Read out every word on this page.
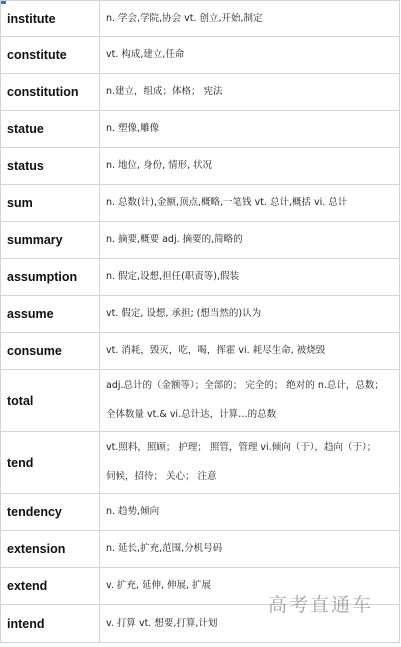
institute	n. 学会,学院,协会 vt. 创立,开始,制定

constitute	vt. 构成,建立,任命

constitution	n.建立，组成；体格； 宪法

statue	n. 塑像,雕像

status	n. 地位, 身份, 情形, 状况

sum	n. 总数(计),金额,顶点,概略,一笔钱 vt. 总计,概括 vi. 总计

summary	n. 摘要,概要 adj. 摘要的,简略的

assumption	n. 假定,设想,担任(职责等),假装

assume	vt. 假定, 设想, 承担; (想当然的)认为

consume	vt. 消耗，毁灭，吃，喝，挥霍 vi. 耗尽生命, 被烧毁

total	adj.总计的（金额等）；全部的； 完全的； 绝对的 n.总计，总数；
全体数量 vt.& vi.总计达，计算…的总数

tend	vt.照料，照顾； 护理； 照管，管理 vi.倾向（于），趋向（于）；
伺候，招待； 关心； 注意

tendency	n. 趋势,倾向

extension	n. 延长,扩充,范围,分机号码

extend	v. 扩充, 延伸, 伸展, 扩展

intend	v. 打算 vt. 想要,打算,计划
高考直通车
